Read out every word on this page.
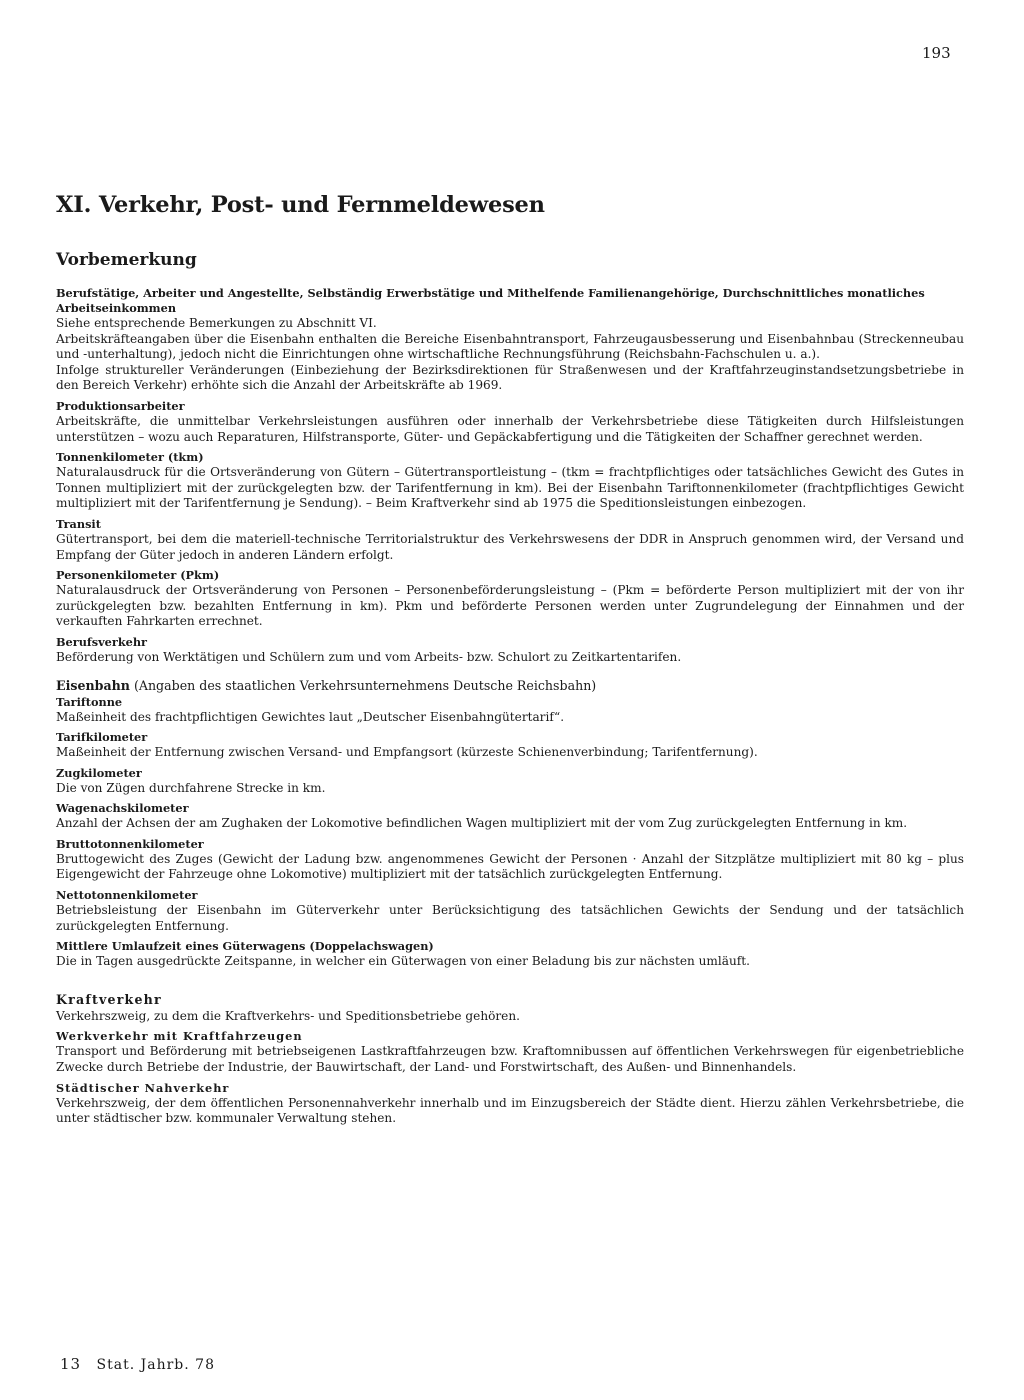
193
XI. Verkehr, Post- und Fernmeldewesen
Vorbemerkung
Berufstätige, Arbeiter und Angestellte, Selbständig Erwerbstätige und Mithelfende Familienangehörige, Durchschnittliches monatliches Arbeitseinkommen
Siehe entsprechende Bemerkungen zu Abschnitt VI.
Arbeitskräfteangaben über die Eisenbahn enthalten die Bereiche Eisenbahntransport, Fahrzeugausbesserung und Eisenbahnbau (Streckenneubau und -unterhaltung), jedoch nicht die Einrichtungen ohne wirtschaftliche Rechnungsführung (Reichsbahn-Fachschulen u. a.).
Infolge struktureller Veränderungen (Einbeziehung der Bezirksdirektionen für Straßenwesen und der Kraftfahrzeuginstandsetzungsbetriebe in den Bereich Verkehr) erhöhte sich die Anzahl der Arbeitskräfte ab 1969.
Produktionsarbeiter
Arbeitskräfte, die unmittelbar Verkehrsleistungen ausführen oder innerhalb der Verkehrsbetriebe diese Tätigkeiten durch Hilfsleistungen unterstützen – wozu auch Reparaturen, Hilfstransporte, Güter- und Gepäckabfertigung und die Tätigkeiten der Schaffner gerechnet werden.
Tonnenkilometer (tkm)
Naturalausdruck für die Ortsveränderung von Gütern – Gütertransportleistung – (tkm = frachtpflichtiges oder tatsächliches Gewicht des Gutes in Tonnen multipliziert mit der zurückgelegten bzw. der Tarifentfernung in km). Bei der Eisenbahn Tariftonnenkilometer (frachtpflichtiges Gewicht multipliziert mit der Tarifentfernung je Sendung). – Beim Kraftverkehr sind ab 1975 die Speditionsleistungen einbezogen.
Transit
Gütertransport, bei dem die materiell-technische Territorialstruktur des Verkehrswesens der DDR in Anspruch genommen wird, der Versand und Empfang der Güter jedoch in anderen Ländern erfolgt.
Personenkilometer (Pkm)
Naturalausdruck der Ortsveränderung von Personen – Personenbeförderungsleistung – (Pkm = beförderte Person multipliziert mit der von ihr zurückgelegten bzw. bezahlten Entfernung in km). Pkm und beförderte Personen werden unter Zugrundelegung der Einnahmen und der verkauften Fahrkarten errechnet.
Berufsverkehr
Beförderung von Werktätigen und Schülern zum und vom Arbeits- bzw. Schulort zu Zeitkartentarifen.
Eisenbahn (Angaben des staatlichen Verkehrsunternehmens Deutsche Reichsbahn)
Tariftonne
Maßeinheit des frachtpflichtigen Gewichtes laut „Deutscher Eisenbahngütertarif“.
Tarifkilometer
Maßeinheit der Entfernung zwischen Versand- und Empfangsort (kürzeste Schienenverbindung; Tarifentfernung).
Zugkilometer
Die von Zügen durchfahrene Strecke in km.
Wagenachskilometer
Anzahl der Achsen der am Zughaken der Lokomotive befindlichen Wagen multipliziert mit der vom Zug zurückgelegten Entfernung in km.
Bruttotonnenkilometer
Bruttogewicht des Zuges (Gewicht der Ladung bzw. angenommenes Gewicht der Personen · Anzahl der Sitzplätze multipliziert mit 80 kg – plus Eigengewicht der Fahrzeuge ohne Lokomotive) multipliziert mit der tatsächlich zurückgelegten Entfernung.
Nettotonnenkilometer
Betriebsleistung der Eisenbahn im Güterverkehr unter Berücksichtigung des tatsächlichen Gewichts der Sendung und der tatsächlich zurückgelegten Entfernung.
Mittlere Umlaufzeit eines Güterwagens (Doppelachswagen)
Die in Tagen ausgedrückte Zeitspanne, in welcher ein Güterwagen von einer Beladung bis zur nächsten umläuft.
Kraftverkehr
Verkehrszweig, zu dem die Kraftverkehrs- und Speditionsbetriebe gehören.
Werkverkehr mit Kraftfahrzeugen
Transport und Beförderung mit betriebseigenen Lastkraftfahrzeugen bzw. Kraftomnibussen auf öffentlichen Verkehrswegen für eigenbetriebliche Zwecke durch Betriebe der Industrie, der Bauwirtschaft, der Land- und Forstwirtschaft, des Außen- und Binnenhandels.
Städtischer Nahverkehr
Verkehrszweig, der dem öffentlichen Personennahverkehr innerhalb und im Einzugsbereich der Städte dient. Hierzu zählen Verkehrsbetriebe, die unter städtischer bzw. kommunaler Verwaltung stehen.
13 Stat. Jahrb. 78
